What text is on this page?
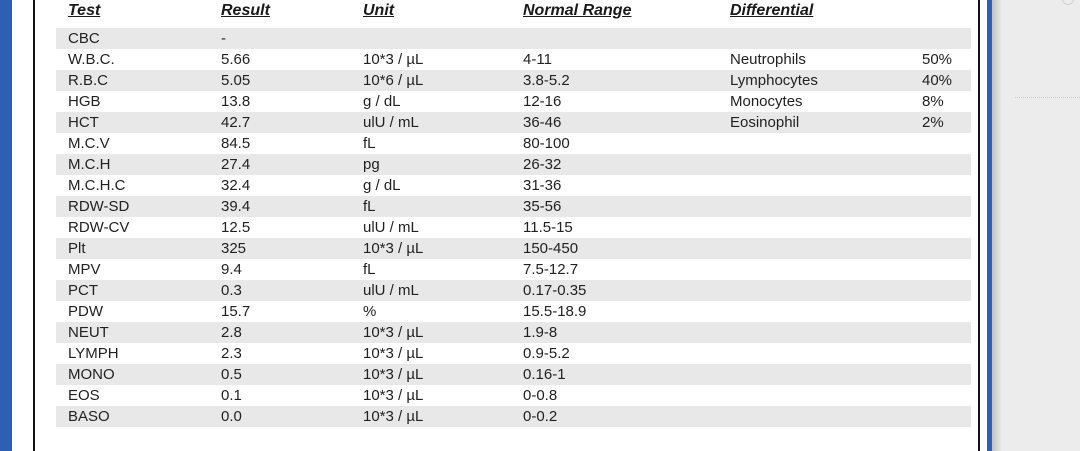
Test	Result	Unit	Normal Range	Differential
CBC	-
W.B.C.	5.66	10*3 / µL	4-11	Neutrophils	50%
R.B.C	5.05	10*6 / µL	3.8-5.2	Lymphocytes	40%
HGB	13.8	g / dL	12-16	Monocytes	8%
HCT	42.7	ulU / mL	36-46	Eosinophil	2%
M.C.V	84.5	fL	80-100
M.C.H	27.4	pg	26-32
M.C.H.C	32.4	g / dL	31-36
RDW-SD	39.4	fL	35-56
RDW-CV	12.5	ulU / mL	11.5-15
Plt	325	10*3 / µL	150-450
MPV	9.4	fL	7.5-12.7
PCT	0.3	ulU / mL	0.17-0.35
PDW	15.7	%	15.5-18.9
NEUT	2.8	10*3 / µL	1.9-8
LYMPH	2.3	10*3 / µL	0.9-5.2
MONO	0.5	10*3 / µL	0.16-1
EOS	0.1	10*3 / µL	0-0.8
BASO	0.0	10*3 / µL	0-0.2
